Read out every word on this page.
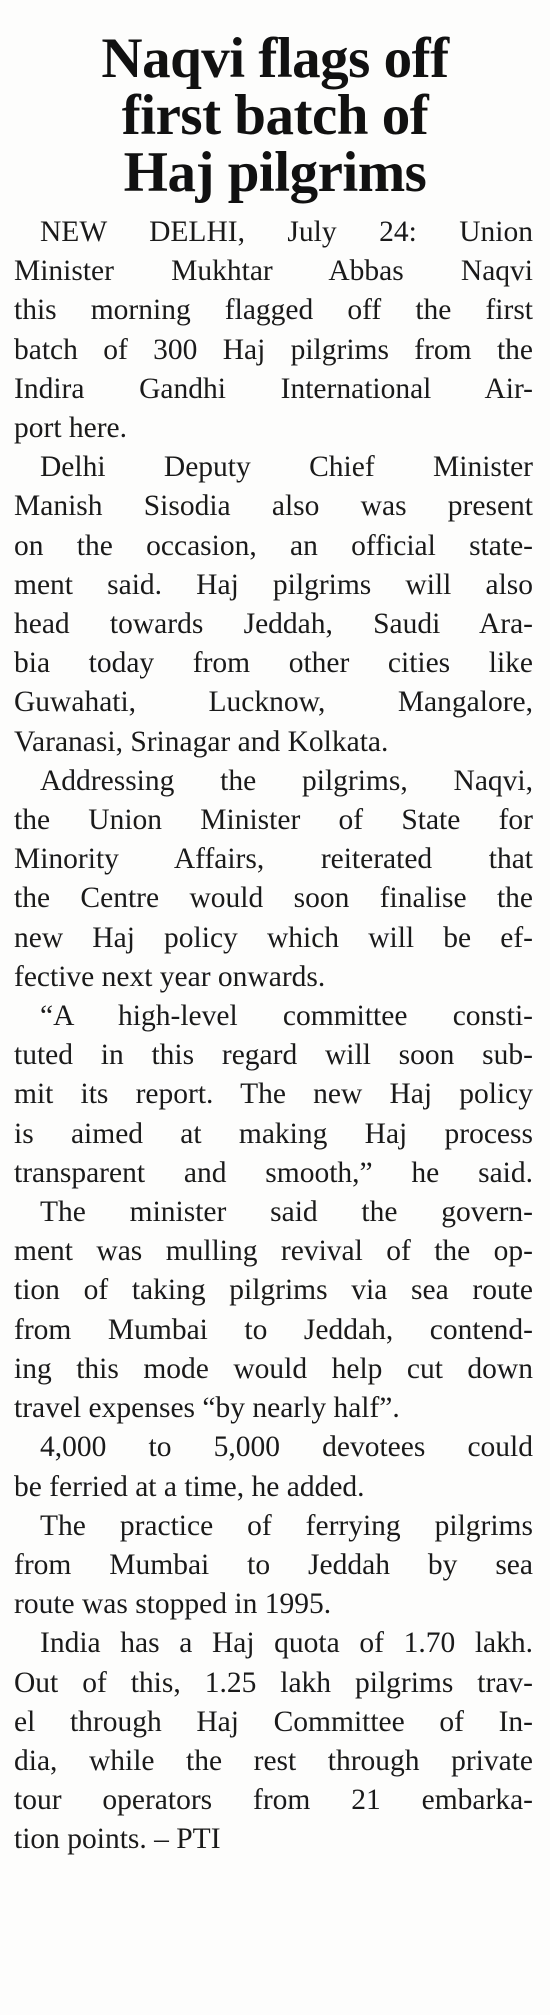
Naqvi flags off
first batch of
Haj pilgrims

NEW DELHI, July 24: Union
Minister Mukhtar Abbas Naqvi
this morning flagged off the first
batch of 300 Haj pilgrims from the
Indira Gandhi International Air-
port here.

Delhi Deputy Chief Minister
Manish Sisodia also was present
on the occasion, an official state-
ment said. Haj pilgrims will also
head towards Jeddah, Saudi Ara-
bia today from other cities like
Guwahati, Lucknow, Mangalore,
Varanasi, Srinagar and Kolkata.

Addressing the pilgrims, Naqvi,
the Union Minister of State for
Minority Affairs, reiterated that
the Centre would soon finalise the
new Haj policy which will be ef-
fective next year onwards.

“A high-level committee consti-
tuted in this regard will soon sub-
mit its report. The new Haj policy
is aimed at making Haj process
transparent and smooth,” he said.

The minister said the govern-
ment was mulling revival of the op-
tion of taking pilgrims via sea route
from Mumbai to Jeddah, contend-
ing this mode would help cut down
travel expenses “by nearly half”.

4,000 to 5,000 devotees could
be ferried at a time, he added.

The practice of ferrying pilgrims
from Mumbai to Jeddah by sea
route was stopped in 1995.

India has a Haj quota of 1.70 lakh.
Out of this, 1.25 lakh pilgrims trav-
el through Haj Committee of In-
dia, while the rest through private
tour operators from 21 embarka-
tion points. – PTI
